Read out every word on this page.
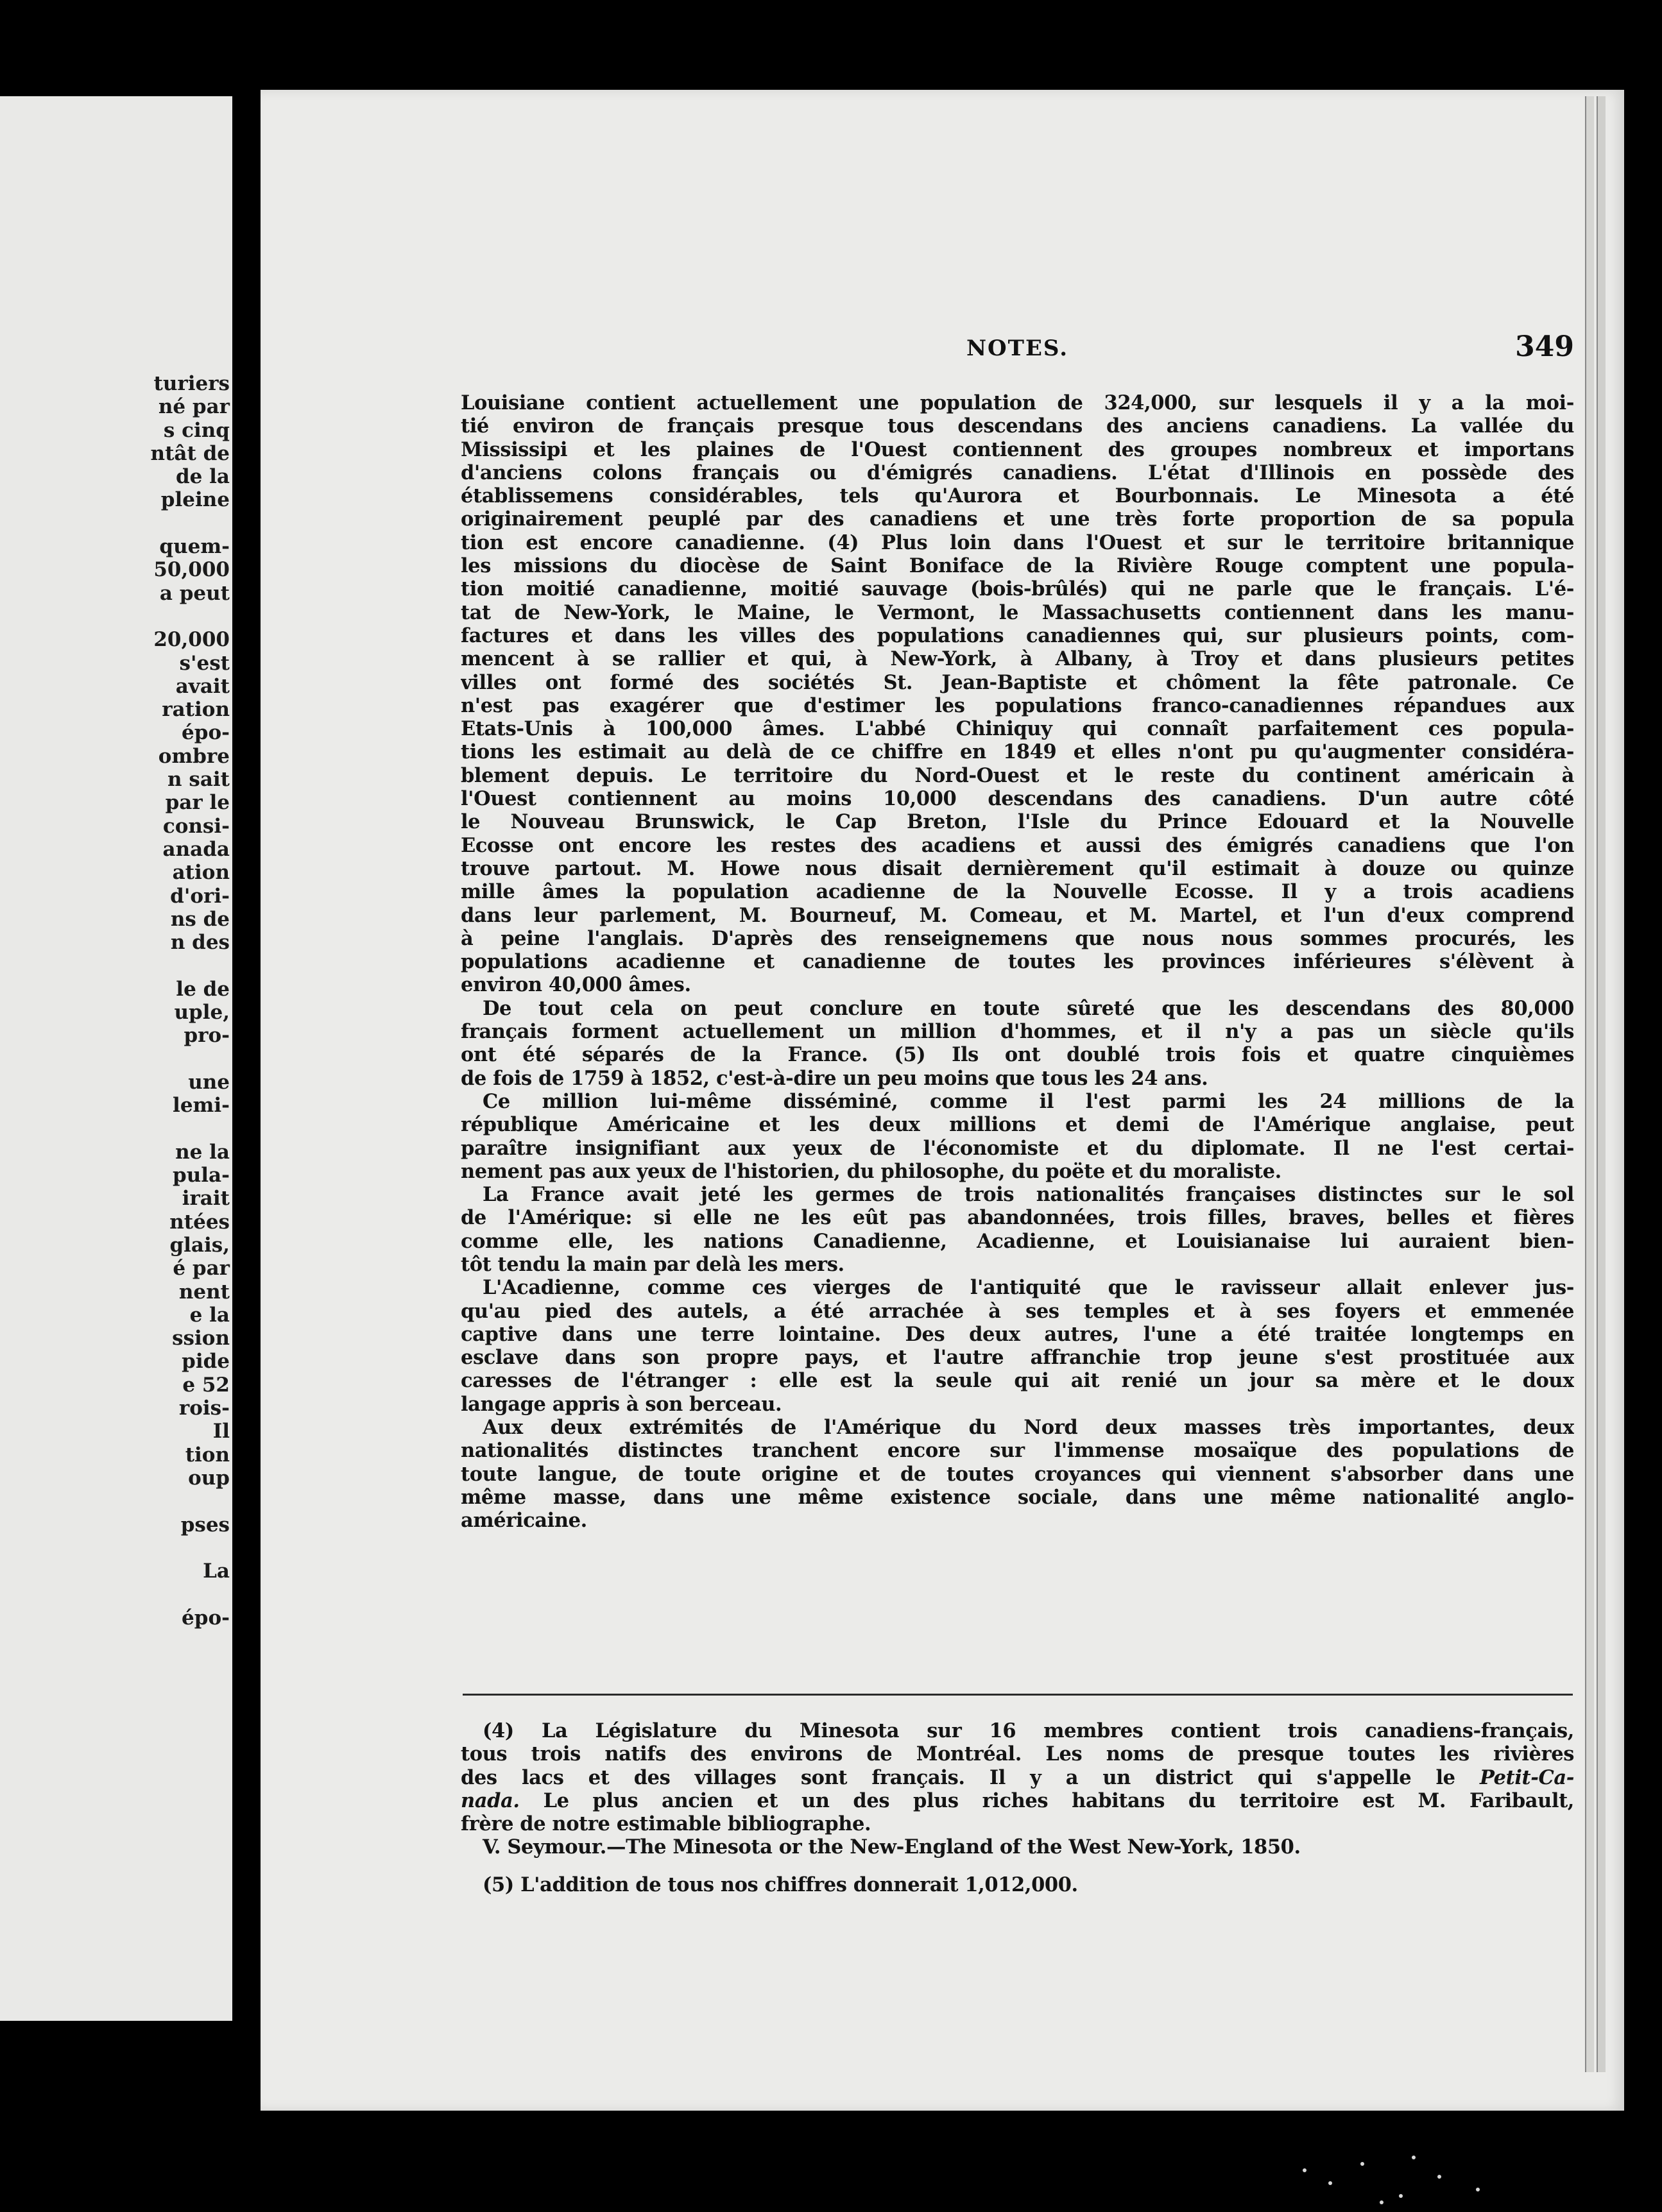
turiers
né par
s cinq
ntât de
de la
pleine
quem-
50,000
a peut
20,000
s'est
avait
ration
épo-
ombre
n sait
par le
consi-
anada
ation
d'ori-
ns de
n des
le de
uple,
pro-
une
lemi-
ne la
pula-
irait
ntées
glais,
é par
nent
e la
ssion
pide
e 52
rois-
Il
tion
oup
pses
La
épo-
NOTES.	349
Louisiane contient actuellement une population de 324,000, sur lesquels il y a la moi-
tié environ de français presque tous descendans des anciens canadiens. La vallée du
Mississipi et les plaines de l'Ouest contiennent des groupes nombreux et importans
d'anciens colons français ou d'émigrés canadiens. L'état d'Illinois en possède des
établissemens considérables, tels qu'Aurora et Bourbonnais. Le Minesota a été
originairement peuplé par des canadiens et une très forte proportion de sa popula
tion est encore canadienne. (4) Plus loin dans l'Ouest et sur le territoire britannique
les missions du diocèse de Saint Boniface de la Rivière Rouge comptent une popula-
tion moitié canadienne, moitié sauvage (bois-brûlés) qui ne parle que le français. L'é-
tat de New-York, le Maine, le Vermont, le Massachusetts contiennent dans les manu-
factures et dans les villes des populations canadiennes qui, sur plusieurs points, com-
mencent à se rallier et qui, à New-York, à Albany, à Troy et dans plusieurs petites
villes ont formé des sociétés St. Jean-Baptiste et chôment la fête patronale. Ce
n'est pas exagérer que d'estimer les populations franco-canadiennes répandues aux
Etats-Unis à 100,000 âmes. L'abbé Chiniquy qui connaît parfaitement ces popula-
tions les estimait au delà de ce chiffre en 1849 et elles n'ont pu qu'augmenter considéra-
blement depuis. Le territoire du Nord-Ouest et le reste du continent américain à
l'Ouest contiennent au moins 10,000 descendans des canadiens. D'un autre côté
le Nouveau Brunswick, le Cap Breton, l'Isle du Prince Edouard et la Nouvelle
Ecosse ont encore les restes des acadiens et aussi des émigrés canadiens que l'on
trouve partout. M. Howe nous disait dernièrement qu'il estimait à douze ou quinze
mille âmes la population acadienne de la Nouvelle Ecosse. Il y a trois acadiens
dans leur parlement, M. Bourneuf, M. Comeau, et M. Martel, et l'un d'eux comprend
à peine l'anglais. D'après des renseignemens que nous nous sommes procurés, les
populations acadienne et canadienne de toutes les provinces inférieures s'élèvent à
environ 40,000 âmes.
De tout cela on peut conclure en toute sûreté que les descendans des 80,000
français forment actuellement un million d'hommes, et il n'y a pas un siècle qu'ils
ont été séparés de la France. (5) Ils ont doublé trois fois et quatre cinquièmes
de fois de 1759 à 1852, c'est-à-dire un peu moins que tous les 24 ans.
Ce million lui-même disséminé, comme il l'est parmi les 24 millions de la
république Américaine et les deux millions et demi de l'Amérique anglaise, peut
paraître insignifiant aux yeux de l'économiste et du diplomate. Il ne l'est certai-
nement pas aux yeux de l'historien, du philosophe, du poëte et du moraliste.
La France avait jeté les germes de trois nationalités françaises distinctes sur le sol
de l'Amérique: si elle ne les eût pas abandonnées, trois filles, braves, belles et fières
comme elle, les nations Canadienne, Acadienne, et Louisianaise lui auraient bien-
tôt tendu la main par delà les mers.
L'Acadienne, comme ces vierges de l'antiquité que le ravisseur allait enlever jus-
qu'au pied des autels, a été arrachée à ses temples et à ses foyers et emmenée
captive dans une terre lointaine. Des deux autres, l'une a été traitée longtemps en
esclave dans son propre pays, et l'autre affranchie trop jeune s'est prostituée aux
caresses de l'étranger : elle est la seule qui ait renié un jour sa mère et le doux
langage appris à son berceau.
Aux deux extrémités de l'Amérique du Nord deux masses très importantes, deux
nationalités distinctes tranchent encore sur l'immense mosaïque des populations de
toute langue, de toute origine et de toutes croyances qui viennent s'absorber dans une
même masse, dans une même existence sociale, dans une même nationalité anglo-
américaine.
(4) La Législature du Minesota sur 16 membres contient trois canadiens-français,
tous trois natifs des environs de Montréal. Les noms de presque toutes les rivières
des lacs et des villages sont français. Il y a un district qui s'appelle le Petit-Ca-
nada. Le plus ancien et un des plus riches habitans du territoire est M. Faribault,
frère de notre estimable bibliographe.
V. Seymour.—The Minesota or the New-England of the West New-York, 1850.
(5) L'addition de tous nos chiffres donnerait 1,012,000.
